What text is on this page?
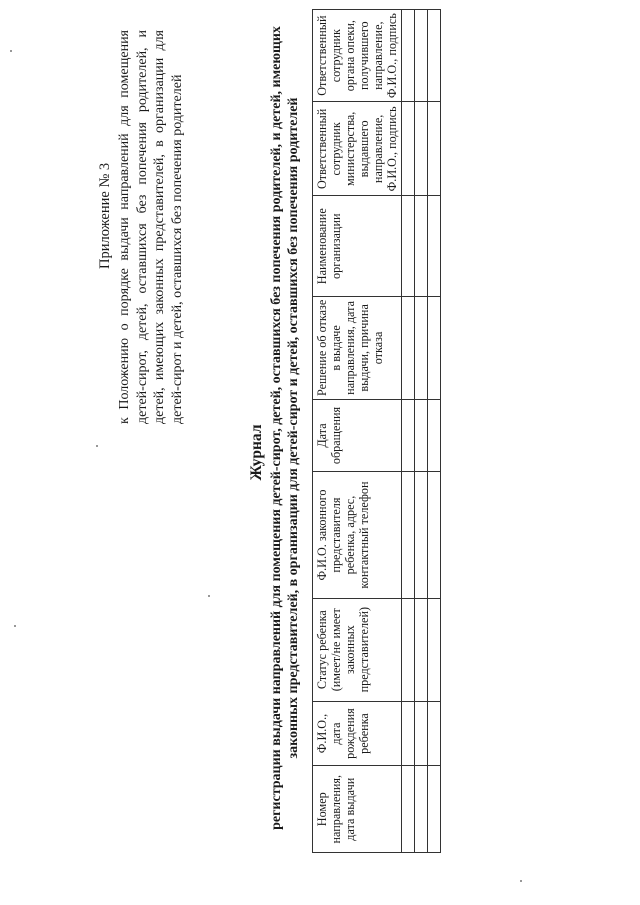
Приложение № 3 к Положению о порядке выдачи направлений для помещения детей-сирот, детей, оставшихся без попечения родителей, и детей, имеющих законных представителей, в организации для детей-сирот и детей, оставшихся без попечения родителей
Журнал регистрации выдачи направлений для помещения детей-сирот, детей, оставшихся без попечения родителей, и детей, имеющих законных представителей, в организации для детей-сирот и детей, оставшихся без попечения родителей
Номер направления, дата выдачи	Ф.И.О., дата рождения ребенка	Статус ребенка (имеет/не имеет законных представителей)	Ф.И.О. законного представителя ребенка, адрес, контактный телефон	Дата обращения	Решение об отказе в выдаче направления, дата выдачи, причина отказа	Наименование организации	Ответственный сотрудник министерства, выдавшего направление, Ф.И.О., подпись	Ответственный сотрудник органа опеки, получившего направление, Ф.И.О., подпись
